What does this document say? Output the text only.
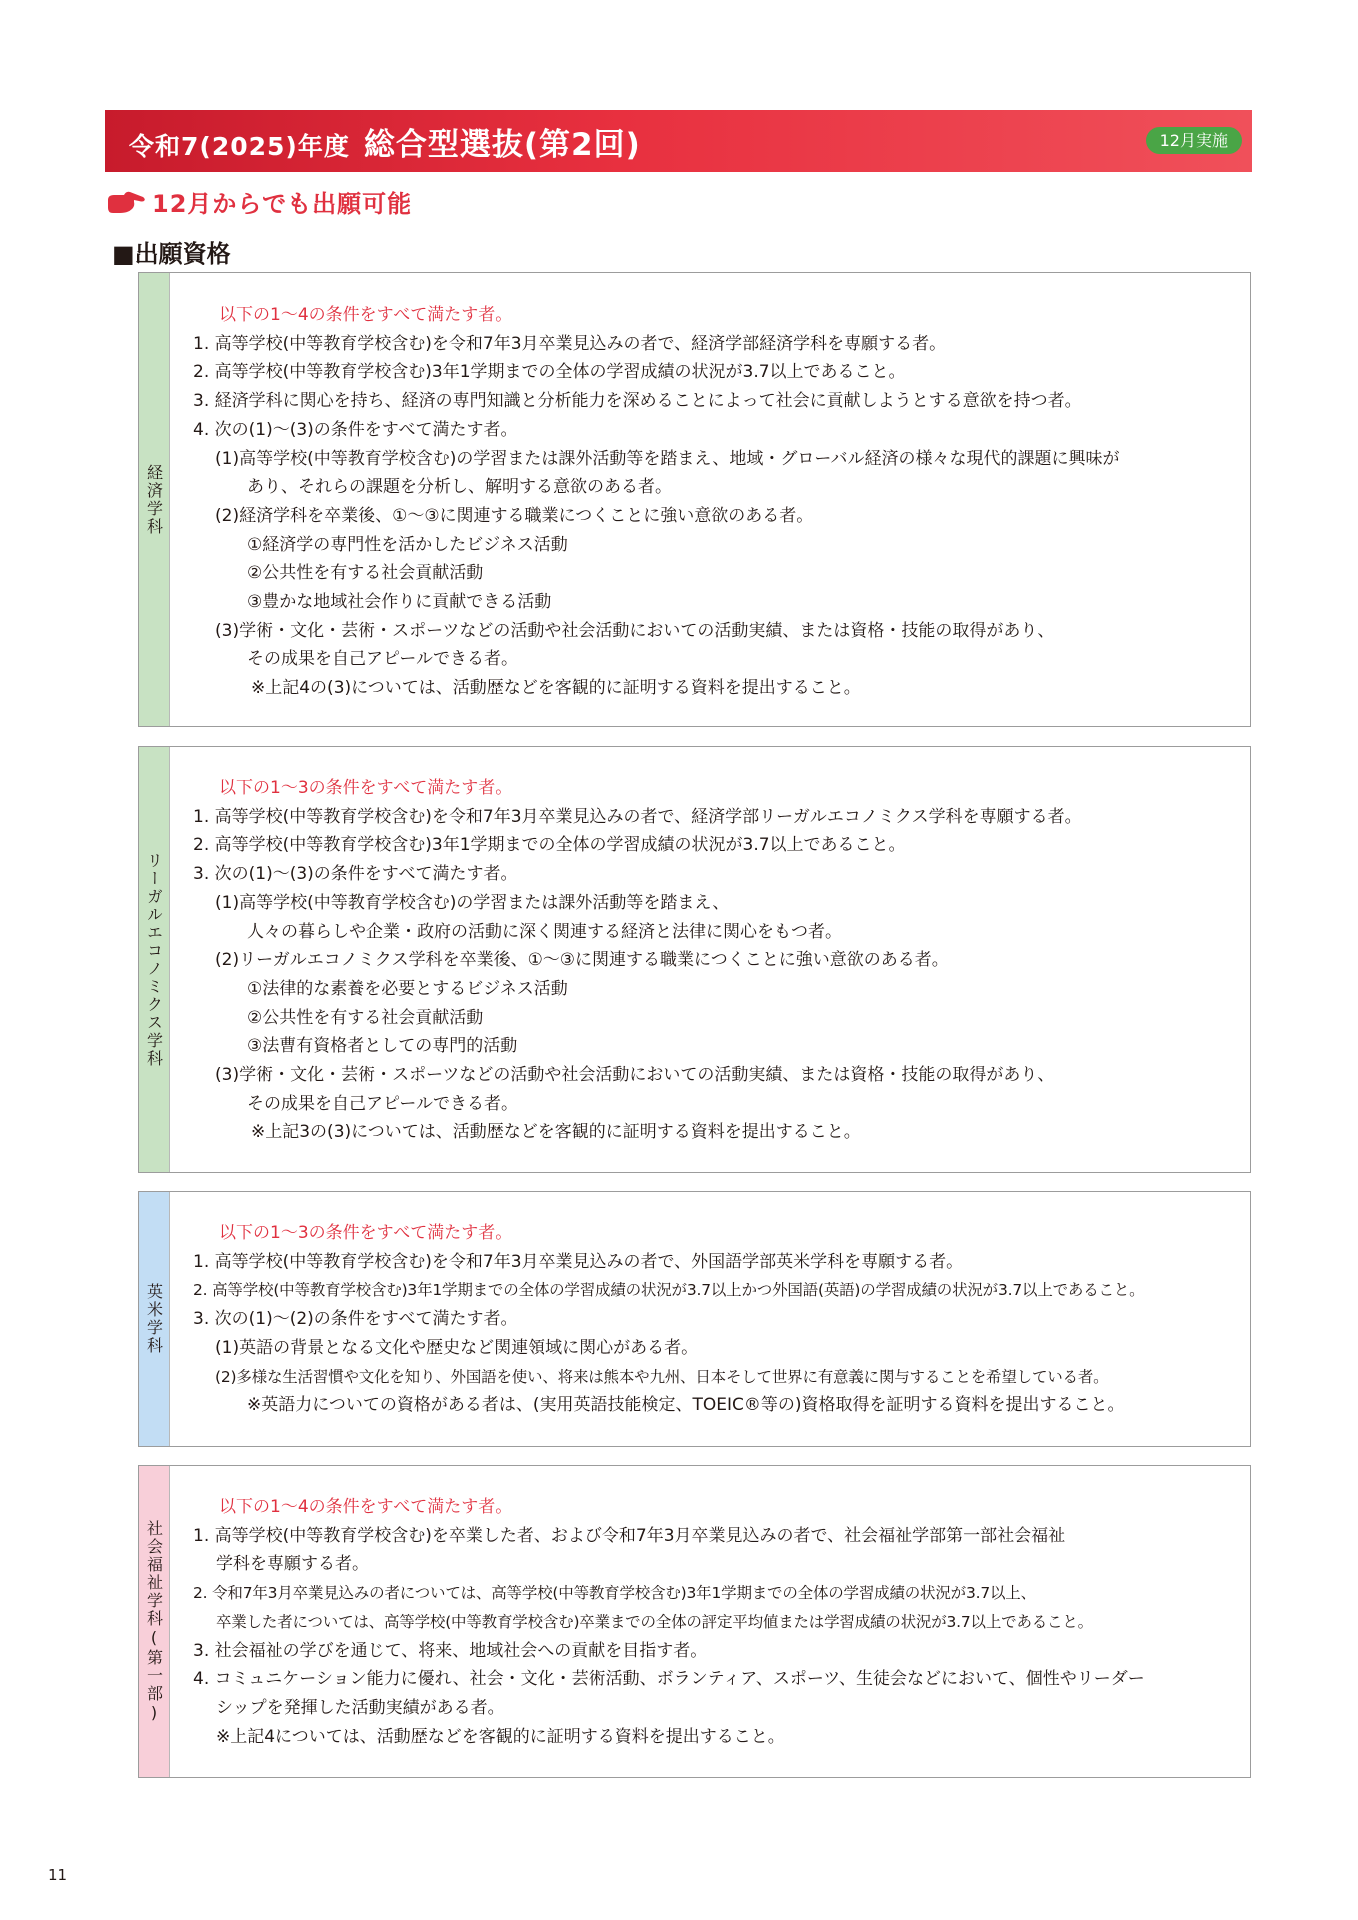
令和7(2025)年度 総合型選抜(第2回)	12月実施
12月からでも出願可能
■出願資格
経済学科
以下の1～4の条件をすべて満たす者。
1. 高等学校(中等教育学校含む)を令和7年3月卒業見込みの者で、経済学部経済学科を専願する者。
2. 高等学校(中等教育学校含む)3年1学期までの全体の学習成績の状況が3.7以上であること。
3. 経済学科に関心を持ち、経済の専門知識と分析能力を深めることによって社会に貢献しようとする意欲を持つ者。
4. 次の(1)～(3)の条件をすべて満たす者。
(1)高等学校(中等教育学校含む)の学習または課外活動等を踏まえ、地域・グローバル経済の様々な現代的課題に興味が
あり、それらの課題を分析し、解明する意欲のある者。
(2)経済学科を卒業後、①～③に関連する職業につくことに強い意欲のある者。
①経済学の専門性を活かしたビジネス活動
②公共性を有する社会貢献活動
③豊かな地域社会作りに貢献できる活動
(3)学術・文化・芸術・スポーツなどの活動や社会活動においての活動実績、または資格・技能の取得があり、
その成果を自己アピールできる者。
※上記4の(3)については、活動歴などを客観的に証明する資料を提出すること。
リーガルエコノミクス学科
以下の1～3の条件をすべて満たす者。
1. 高等学校(中等教育学校含む)を令和7年3月卒業見込みの者で、経済学部リーガルエコノミクス学科を専願する者。
2. 高等学校(中等教育学校含む)3年1学期までの全体の学習成績の状況が3.7以上であること。
3. 次の(1)～(3)の条件をすべて満たす者。
(1)高等学校(中等教育学校含む)の学習または課外活動等を踏まえ、
人々の暮らしや企業・政府の活動に深く関連する経済と法律に関心をもつ者。
(2)リーガルエコノミクス学科を卒業後、①～③に関連する職業につくことに強い意欲のある者。
①法律的な素養を必要とするビジネス活動
②公共性を有する社会貢献活動
③法曹有資格者としての専門的活動
(3)学術・文化・芸術・スポーツなどの活動や社会活動においての活動実績、または資格・技能の取得があり、
その成果を自己アピールできる者。
※上記3の(3)については、活動歴などを客観的に証明する資料を提出すること。
英米学科
以下の1～3の条件をすべて満たす者。
1. 高等学校(中等教育学校含む)を令和7年3月卒業見込みの者で、外国語学部英米学科を専願する者。
2. 高等学校(中等教育学校含む)3年1学期までの全体の学習成績の状況が3.7以上かつ外国語(英語)の学習成績の状況が3.7以上であること。
3. 次の(1)～(2)の条件をすべて満たす者。
(1)英語の背景となる文化や歴史など関連領域に関心がある者。
(2)多様な生活習慣や文化を知り、外国語を使い、将来は熊本や九州、日本そして世界に有意義に関与することを希望している者。
※英語力についての資格がある者は、(実用英語技能検定、TOEIC®等の)資格取得を証明する資料を提出すること。
社会福祉学科(第一部)
以下の1～4の条件をすべて満たす者。
1. 高等学校(中等教育学校含む)を卒業した者、および令和7年3月卒業見込みの者で、社会福祉学部第一部社会福祉
学科を専願する者。
2. 令和7年3月卒業見込みの者については、高等学校(中等教育学校含む)3年1学期までの全体の学習成績の状況が3.7以上、
卒業した者については、高等学校(中等教育学校含む)卒業までの全体の評定平均値または学習成績の状況が3.7以上であること。
3. 社会福祉の学びを通じて、将来、地域社会への貢献を目指す者。
4. コミュニケーション能力に優れ、社会・文化・芸術活動、ボランティア、スポーツ、生徒会などにおいて、個性やリーダー
シップを発揮した活動実績がある者。
※上記4については、活動歴などを客観的に証明する資料を提出すること。
11
